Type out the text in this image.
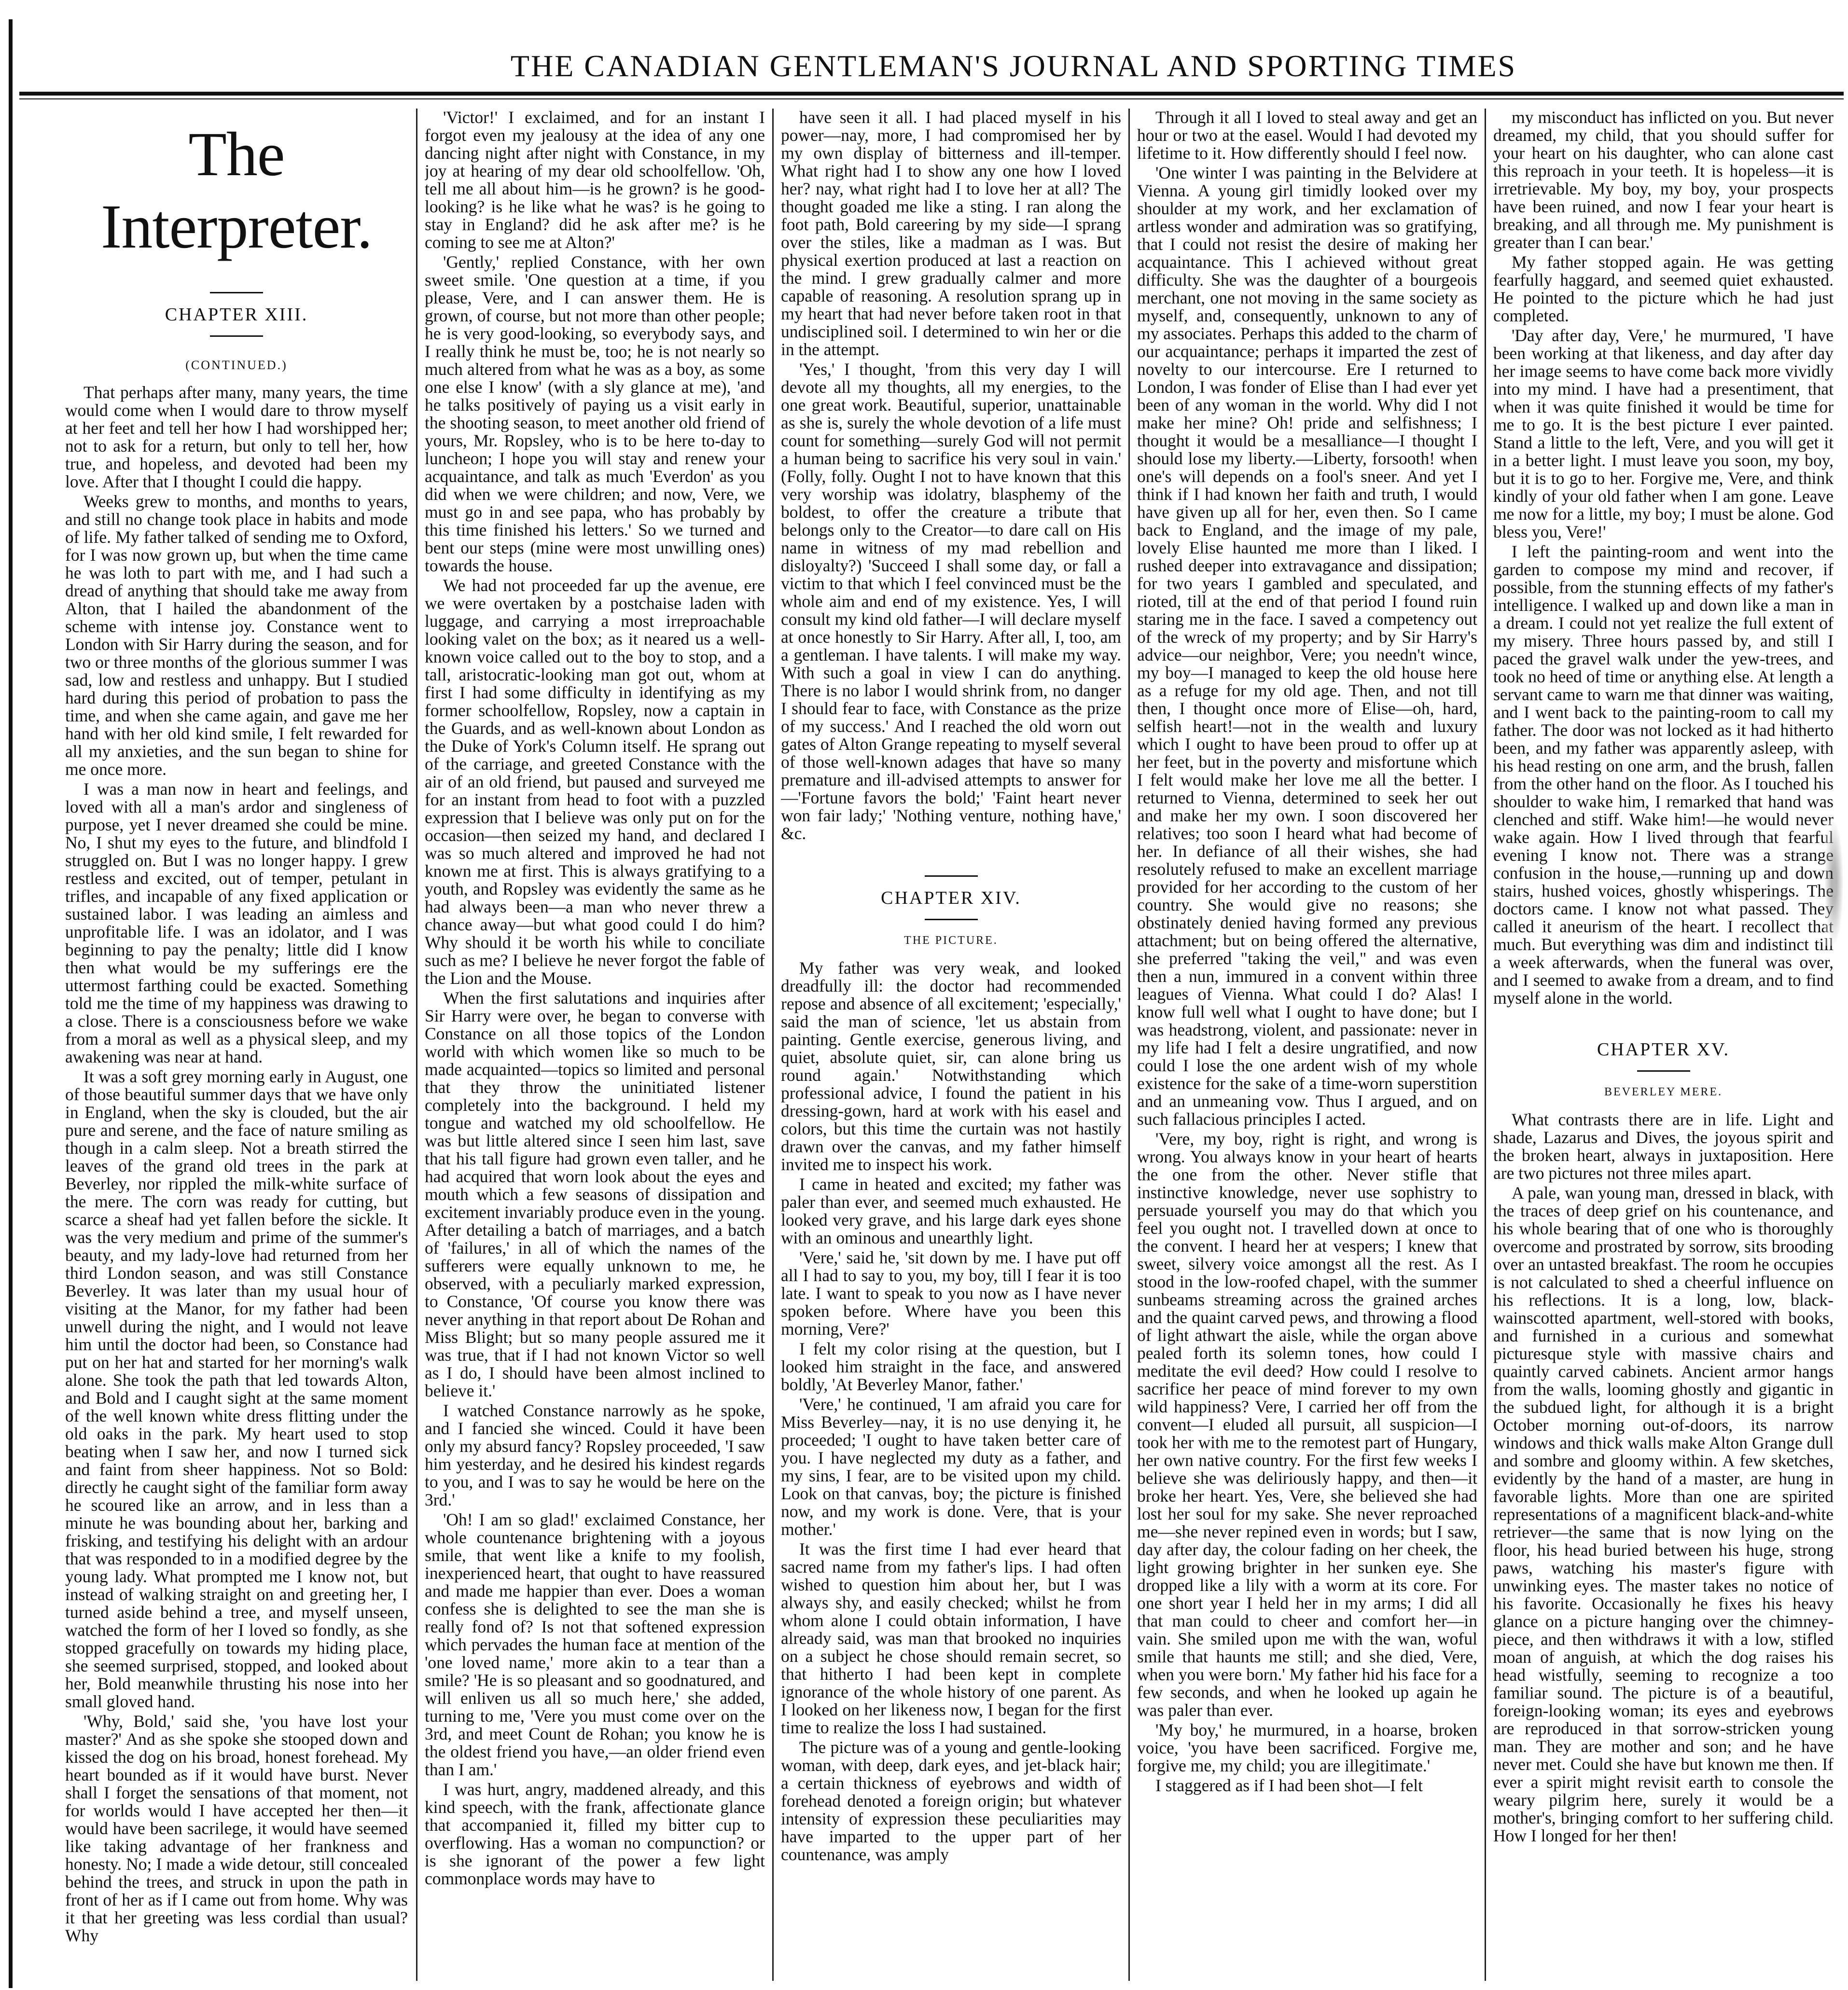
THE CANADIAN GENTLEMAN'S JOURNAL AND SPORTING TIMES
The Interpreter.
CHAPTER XIII.
(CONTINUED.)

That perhaps after many, many years, the time would come when I would dare to throw myself at her feet and tell her how I had worshipped her; not to ask for a return, but only to tell her, how true, and hopeless, and devoted had been my love. After that I thought I could die happy.

Weeks grew to months, and months to years, and still no change took place in habits and mode of life. My father talked of sending me to Oxford, for I was now grown up, but when the time came he was loth to part with me, and I had such a dread of anything that should take me away from Alton, that I hailed the abandonment of the scheme with intense joy. Constance went to London with Sir Harry during the season, and for two or three months of the glorious summer I was sad, low and restless and unhappy. But I studied hard during this period of probation to pass the time, and when she came again, and gave me her hand with her old kind smile, I felt rewarded for all my anxieties, and the sun began to shine for me once more.

I was a man now in heart and feelings, and loved with all a man's ardor and singleness of purpose, yet I never dreamed she could be mine. No, I shut my eyes to the future, and blindfold I struggled on. But I was no longer happy. I grew restless and excited, out of temper, petulant in trifles, and incapable of any fixed application or sustained labor. I was leading an aimless and unprofitable life. I was an idolator, and I was beginning to pay the penalty; little did I know then what would be my sufferings ere the uttermost farthing could be exacted. Something told me the time of my happiness was drawing to a close. There is a consciousness before we wake from a moral as well as a physical sleep, and my awakening was near at hand.

It was a soft grey morning early in August, one of those beautiful summer days that we have only in England, when the sky is clouded, but the air pure and serene, and the face of nature smiling as though in a calm sleep. Not a breath stirred the leaves of the grand old trees in the park at Beverley, nor rippled the milk-white surface of the mere. The corn was ready for cutting, but scarce a sheaf had yet fallen before the sickle. It was the very medium and prime of the summer's beauty, and my lady-love had returned from her third London season, and was still Constance Beverley. It was later than my usual hour of visiting at the Manor, for my father had been unwell during the night, and I would not leave him until the doctor had been, so Constance had put on her hat and started for her morning's walk alone. She took the path that led towards Alton, and Bold and I caught sight at the same moment of the well known white dress flitting under the old oaks in the park. My heart used to stop beating when I saw her, and now I turned sick and faint from sheer happiness. Not so Bold: directly he caught sight of the familiar form away he scoured like an arrow, and in less than a minute he was bounding about her, barking and frisking, and testifying his delight with an ardour that was responded to in a modified degree by the young lady. What prompted me I know not, but instead of walking straight on and greeting her, I turned aside behind a tree, and myself unseen, watched the form of her I loved so fondly, as she stopped gracefully on towards my hiding place, she seemed surprised, stopped, and looked about her, Bold meanwhile thrusting his nose into her small gloved hand.

'Why, Bold,' said she, 'you have lost your master?' And as she spoke she stooped down and kissed the dog on his broad, honest forehead. My heart bounded as if it would have burst. Never shall I forget the sensations of that moment, not for worlds would I have accepted her then—it would have been sacrilege, it would have seemed like taking advantage of her frankness and honesty. No; I made a wide detour, still concealed behind the trees, and struck in upon the path in front of her as if I came out from home. Why was it that her greeting was less cordial than usual? Why

'Victor!' I exclaimed, and for an instant I forgot even my jealousy at the idea of any one dancing night after night with Constance, in my joy at hearing of my dear old schoolfellow. 'Oh, tell me all about him—is he grown? is he good-looking? is he like what he was? is he going to stay in England? did he ask after me? is he coming to see me at Alton?'

'Gently,' replied Constance, with her own sweet smile. 'One question at a time, if you please, Vere, and I can answer them. He is grown, of course, but not more than other people; he is very good-looking, so everybody says, and I really think he must be, too; he is not nearly so much altered from what he was as a boy, as some one else I know' (with a sly glance at me), 'and he talks positively of paying us a visit early in the shooting season, to meet another old friend of yours, Mr. Ropsley, who is to be here to-day to luncheon; I hope you will stay and renew your acquaintance, and talk as much 'Everdon' as you did when we were children; and now, Vere, we must go in and see papa, who has probably by this time finished his letters.' So we turned and bent our steps (mine were most unwilling ones) towards the house.

We had not proceeded far up the avenue, ere we were overtaken by a postchaise laden with luggage, and carrying a most irreproachable looking valet on the box; as it neared us a well-known voice called out to the boy to stop, and a tall, aristocratic-looking man got out, whom at first I had some difficulty in identifying as my former schoolfellow, Ropsley, now a captain in the Guards, and as well-known about London as the Duke of York's Column itself. He sprang out of the carriage, and greeted Constance with the air of an old friend, but paused and surveyed me for an instant from head to foot with a puzzled expression that I believe was only put on for the occasion—then seized my hand, and declared I was so much altered and improved he had not known me at first. This is always gratifying to a youth, and Ropsley was evidently the same as he had always been—a man who never threw a chance away—but what good could I do him? Why should it be worth his while to conciliate such as me? I believe he never forgot the fable of the Lion and the Mouse.

When the first salutations and inquiries after Sir Harry were over, he began to converse with Constance on all those topics of the London world with which women like so much to be made acquainted—topics so limited and personal that they throw the uninitiated listener completely into the background. I held my tongue and watched my old schoolfellow. He was but little altered since I seen him last, save that his tall figure had grown even taller, and he had acquired that worn look about the eyes and mouth which a few seasons of dissipation and excitement invariably produce even in the young. After detailing a batch of marriages, and a batch of 'failures,' in all of which the names of the sufferers were equally unknown to me, he observed, with a peculiarly marked expression, to Constance, 'Of course you know there was never anything in that report about De Rohan and Miss Blight; but so many people assured me it was true, that if I had not known Victor so well as I do, I should have been almost inclined to believe it.'

I watched Constance narrowly as he spoke, and I fancied she winced. Could it have been only my absurd fancy? Ropsley proceeded, 'I saw him yesterday, and he desired his kindest regards to you, and I was to say he would be here on the 3rd.'

'Oh! I am so glad!' exclaimed Constance, her whole countenance brightening with a joyous smile, that went like a knife to my foolish, inexperienced heart, that ought to have reassured and made me happier than ever. Does a woman confess she is delighted to see the man she is really fond of? Is not that softened expression which pervades the human face at mention of the 'one loved name,' more akin to a tear than a smile? 'He is so pleasant and so goodnatured, and will enliven us all so much here,' she added, turning to me, 'Vere you must come over on the 3rd, and meet Count de Rohan; you know he is the oldest friend you have,—an older friend even than I am.'

I was hurt, angry, maddened already, and this kind speech, with the frank, affectionate glance that accompanied it, filled my bitter cup to overflowing. Has a woman no compunction? or is she ignorant of the power a few light commonplace words may have to

have seen it all. I had placed myself in his power—nay, more, I had compromised her by my own display of bitterness and ill-temper. What right had I to show any one how I loved her? nay, what right had I to love her at all? The thought goaded me like a sting. I ran along the foot path, Bold careering by my side—I sprang over the stiles, like a madman as I was. But physical exertion produced at last a reaction on the mind. I grew gradually calmer and more capable of reasoning. A resolution sprang up in my heart that had never before taken root in that undisciplined soil. I determined to win her or die in the attempt.

'Yes,' I thought, 'from this very day I will devote all my thoughts, all my energies, to the one great work. Beautiful, superior, unattainable as she is, surely the whole devotion of a life must count for something—surely God will not permit a human being to sacrifice his very soul in vain.' (Folly, folly. Ought I not to have known that this very worship was idolatry, blasphemy of the boldest, to offer the creature a tribute that belongs only to the Creator—to dare call on His name in witness of my mad rebellion and disloyalty?) 'Succeed I shall some day, or fall a victim to that which I feel convinced must be the whole aim and end of my existence. Yes, I will consult my kind old father—I will declare myself at once honestly to Sir Harry. After all, I, too, am a gentleman. I have talents. I will make my way. With such a goal in view I can do anything. There is no labor I would shrink from, no danger I should fear to face, with Constance as the prize of my success.' And I reached the old worn out gates of Alton Grange repeating to myself several of those well-known adages that have so many premature and ill-advised attempts to answer for—'Fortune favors the bold;' 'Faint heart never won fair lady;' 'Nothing venture, nothing have,' &c.

CHAPTER XIV.
THE PICTURE.

My father was very weak, and looked dreadfully ill: the doctor had recommended repose and absence of all excitement; 'especially,' said the man of science, 'let us abstain from painting. Gentle exercise, generous living, and quiet, absolute quiet, sir, can alone bring us round again.' Notwithstanding which professional advice, I found the patient in his dressing-gown, hard at work with his easel and colors, but this time the curtain was not hastily drawn over the canvas, and my father himself invited me to inspect his work.

I came in heated and excited; my father was paler than ever, and seemed much exhausted. He looked very grave, and his large dark eyes shone with an ominous and unearthly light.

'Vere,' said he, 'sit down by me. I have put off all I had to say to you, my boy, till I fear it is too late. I want to speak to you now as I have never spoken before. Where have you been this morning, Vere?'

I felt my color rising at the question, but I looked him straight in the face, and answered boldly, 'At Beverley Manor, father.'

'Vere,' he continued, 'I am afraid you care for Miss Beverley—nay, it is no use denying it, he proceeded; 'I ought to have taken better care of you. I have neglected my duty as a father, and my sins, I fear, are to be visited upon my child. Look on that canvas, boy; the picture is finished now, and my work is done. Vere, that is your mother.'

It was the first time I had ever heard that sacred name from my father's lips. I had often wished to question him about her, but I was always shy, and easily checked; whilst he from whom alone I could obtain information, I have already said, was man that brooked no inquiries on a subject he chose should remain secret, so that hitherto I had been kept in complete ignorance of the whole history of one parent. As I looked on her likeness now, I began for the first time to realize the loss I had sustained.

The picture was of a young and gentle-looking woman, with deep, dark eyes, and jet-black hair; a certain thickness of eyebrows and width of forehead denoted a foreign origin; but whatever intensity of expression these peculiarities may have imparted to the upper part of her countenance, was amply

Through it all I loved to steal away and get an hour or two at the easel. Would I had devoted my lifetime to it. How differently should I feel now.

'One winter I was painting in the Belvidere at Vienna. A young girl timidly looked over my shoulder at my work, and her exclamation of artless wonder and admiration was so gratifying, that I could not resist the desire of making her acquaintance. This I achieved without great difficulty. She was the daughter of a bourgeois merchant, one not moving in the same society as myself, and, consequently, unknown to any of my associates. Perhaps this added to the charm of our acquaintance; perhaps it imparted the zest of novelty to our intercourse. Ere I returned to London, I was fonder of Elise than I had ever yet been of any woman in the world. Why did I not make her mine? Oh! pride and selfishness; I thought it would be a mesalliance—I thought I should lose my liberty.—Liberty, forsooth! when one's will depends on a fool's sneer. And yet I think if I had known her faith and truth, I would have given up all for her, even then. So I came back to England, and the image of my pale, lovely Elise haunted me more than I liked. I rushed deeper into extravagance and dissipation; for two years I gambled and speculated, and rioted, till at the end of that period I found ruin staring me in the face. I saved a competency out of the wreck of my property; and by Sir Harry's advice—our neighbor, Vere; you needn't wince, my boy—I managed to keep the old house here as a refuge for my old age. Then, and not till then, I thought once more of Elise—oh, hard, selfish heart!—not in the wealth and luxury which I ought to have been proud to offer up at her feet, but in the poverty and misfortune which I felt would make her love me all the better. I returned to Vienna, determined to seek her out and make her my own. I soon discovered her relatives; too soon I heard what had become of her. In defiance of all their wishes, she had resolutely refused to make an excellent marriage provided for her according to the custom of her country. She would give no reasons; she obstinately denied having formed any previous attachment; but on being offered the alternative, she preferred "taking the veil," and was even then a nun, immured in a convent within three leagues of Vienna. What could I do? Alas! I know full well what I ought to have done; but I was headstrong, violent, and passionate: never in my life had I felt a desire ungratified, and now could I lose the one ardent wish of my whole existence for the sake of a time-worn superstition and an unmeaning vow. Thus I argued, and on such fallacious principles I acted.

'Vere, my boy, right is right, and wrong is wrong. You always know in your heart of hearts the one from the other. Never stifle that instinctive knowledge, never use sophistry to persuade yourself you may do that which you feel you ought not. I travelled down at once to the convent. I heard her at vespers; I knew that sweet, silvery voice amongst all the rest. As I stood in the low-roofed chapel, with the summer sunbeams streaming across the grained arches and the quaint carved pews, and throwing a flood of light athwart the aisle, while the organ above pealed forth its solemn tones, how could I meditate the evil deed? How could I resolve to sacrifice her peace of mind forever to my own wild happiness? Vere, I carried her off from the convent—I eluded all pursuit, all suspicion—I took her with me to the remotest part of Hungary, her own native country. For the first few weeks I believe she was deliriously happy, and then—it broke her heart. Yes, Vere, she believed she had lost her soul for my sake. She never reproached me—she never repined even in words; but I saw, day after day, the colour fading on her cheek, the light growing brighter in her sunken eye. She dropped like a lily with a worm at its core. For one short year I held her in my arms; I did all that man could to cheer and comfort her—in vain. She smiled upon me with the wan, woful smile that haunts me still; and she died, Vere, when you were born.' My father hid his face for a few seconds, and when he looked up again he was paler than ever.

'My boy,' he murmured, in a hoarse, broken voice, 'you have been sacrificed. Forgive me, forgive me, my child; you are illegitimate.'

I staggered as if I had been shot—I felt

my misconduct has inflicted on you. But never dreamed, my child, that you should suffer for your heart on his daughter, who can alone cast this reproach in your teeth. It is hopeless—it is irretrievable. My boy, my boy, your prospects have been ruined, and now I fear your heart is breaking, and all through me. My punishment is greater than I can bear.'

My father stopped again. He was getting fearfully haggard, and seemed quiet exhausted. He pointed to the picture which he had just completed.

'Day after day, Vere,' he murmured, 'I have been working at that likeness, and day after day her image seems to have come back more vividly into my mind. I have had a presentiment, that when it was quite finished it would be time for me to go. It is the best picture I ever painted. Stand a little to the left, Vere, and you will get it in a better light. I must leave you soon, my boy, but it is to go to her. Forgive me, Vere, and think kindly of your old father when I am gone. Leave me now for a little, my boy; I must be alone. God bless you, Vere!'

I left the painting-room and went into the garden to compose my mind and recover, if possible, from the stunning effects of my father's intelligence. I walked up and down like a man in a dream. I could not yet realize the full extent of my misery. Three hours passed by, and still I paced the gravel walk under the yew-trees, and took no heed of time or anything else. At length a servant came to warn me that dinner was waiting, and I went back to the painting-room to call my father. The door was not locked as it had hitherto been, and my father was apparently asleep, with his head resting on one arm, and the brush, fallen from the other hand on the floor. As I touched his shoulder to wake him, I remarked that hand was clenched and stiff. Wake him!—he would never wake again. How I lived through that fearful evening I know not. There was a strange confusion in the house,—running up and down stairs, hushed voices, ghostly whisperings. The doctors came. I know not what passed. They called it aneurism of the heart. I recollect that much. But everything was dim and indistinct till a week afterwards, when the funeral was over, and I seemed to awake from a dream, and to find myself alone in the world.

CHAPTER XV.
BEVERLEY MERE.

What contrasts there are in life. Light and shade, Lazarus and Dives, the joyous spirit and the broken heart, always in juxtaposition. Here are two pictures not three miles apart.

A pale, wan young man, dressed in black, with the traces of deep grief on his countenance, and his whole bearing that of one who is thoroughly overcome and prostrated by sorrow, sits brooding over an untasted breakfast. The room he occupies is not calculated to shed a cheerful influence on his reflections. It is a long, low, black-wainscotted apartment, well-stored with books, and furnished in a curious and somewhat picturesque style with massive chairs and quaintly carved cabinets. Ancient armor hangs from the walls, looming ghostly and gigantic in the subdued light, for although it is a bright October morning out-of-doors, its narrow windows and thick walls make Alton Grange dull and sombre and gloomy within. A few sketches, evidently by the hand of a master, are hung in favorable lights. More than one are spirited representations of a magnificent black-and-white retriever—the same that is now lying on the floor, his head buried between his huge, strong paws, watching his master's figure with unwinking eyes. The master takes no notice of his favorite. Occasionally he fixes his heavy glance on a picture hanging over the chimney-piece, and then withdraws it with a low, stifled moan of anguish, at which the dog raises his head wistfully, seeming to recognize a too familiar sound. The picture is of a beautiful, foreign-looking woman; its eyes and eyebrows are reproduced in that sorrow-stricken young man. They are mother and son; and he have never met. Could she have but known me then. If ever a spirit might revisit earth to console the weary pilgrim here, surely it would be a mother's, bringing comfort to her suffering child. How I longed for her then!
